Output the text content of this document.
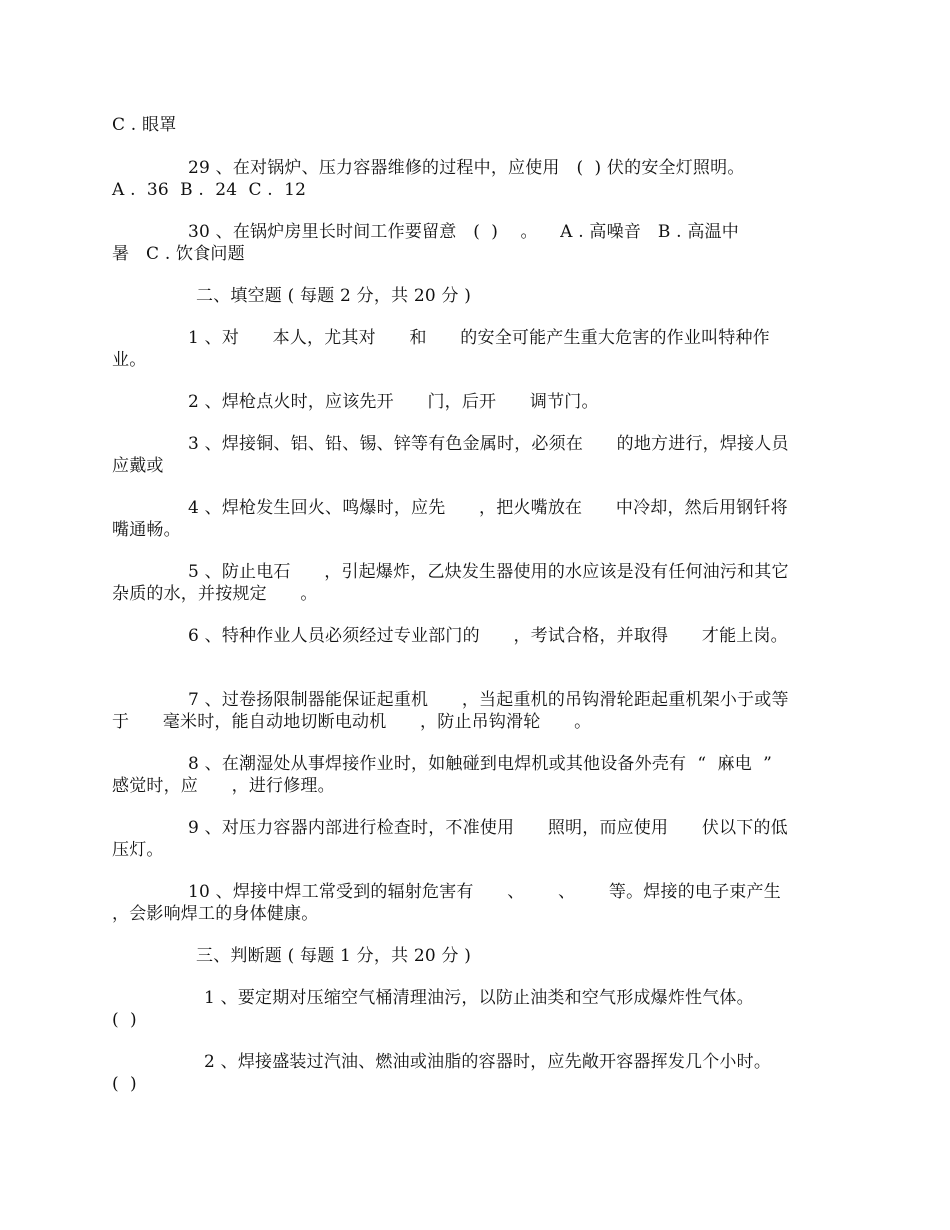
C . 眼罩
29 、在对锅炉、压力容器维修的过程中，应使用   (  ) 伏的安全灯照明。
A .  36  B .  24  C .  12
30 、在锅炉房里长时间工作要留意   (  )    。    A . 高噪音   B . 高温中
暑   C . 饮食问题
二、填空题 ( 每题 2 分，共 20 分 )
1 、对      本人，尤其对      和      的安全可能产生重大危害的作业叫特种作
业。
2 、焊枪点火时，应该先开      门，后开      调节门。
3 、焊接铜、铝、铅、锡、锌等有色金属时，必须在      的地方进行，焊接人员
应戴或
4 、焊枪发生回火、鸣爆时，应先      ，把火嘴放在      中冷却，然后用钢钎将
嘴通畅。
5 、防止电石      ，引起爆炸，乙炔发生器使用的水应该是没有任何油污和其它
杂质的水，并按规定      。
6 、特种作业人员必须经过专业部门的      ，考试合格，并取得      才能上岗。
7 、过卷扬限制器能保证起重机      ，当起重机的吊钩滑轮距起重机架小于或等
于      毫米时，能自动地切断电动机      ，防止吊钩滑轮      。
8 、在潮湿处从事焊接作业时，如触碰到电焊机或其他设备外壳有  “  麻电  ”
感觉时，应      ，进行修理。
9 、对压力容器内部进行检查时，不准使用      照明，而应使用      伏以下的低
压灯。
10 、焊接中焊工常受到的辐射危害有      、      、      等。焊接的电子束产生
，会影响焊工的身体健康。
三、判断题 ( 每题 1 分，共 20 分 )
1 、要定期对压缩空气桶清理油污，以防止油类和空气形成爆炸性气体。
(  )
2 、焊接盛装过汽油、燃油或油脂的容器时，应先敞开容器挥发几个小时。
(  )
